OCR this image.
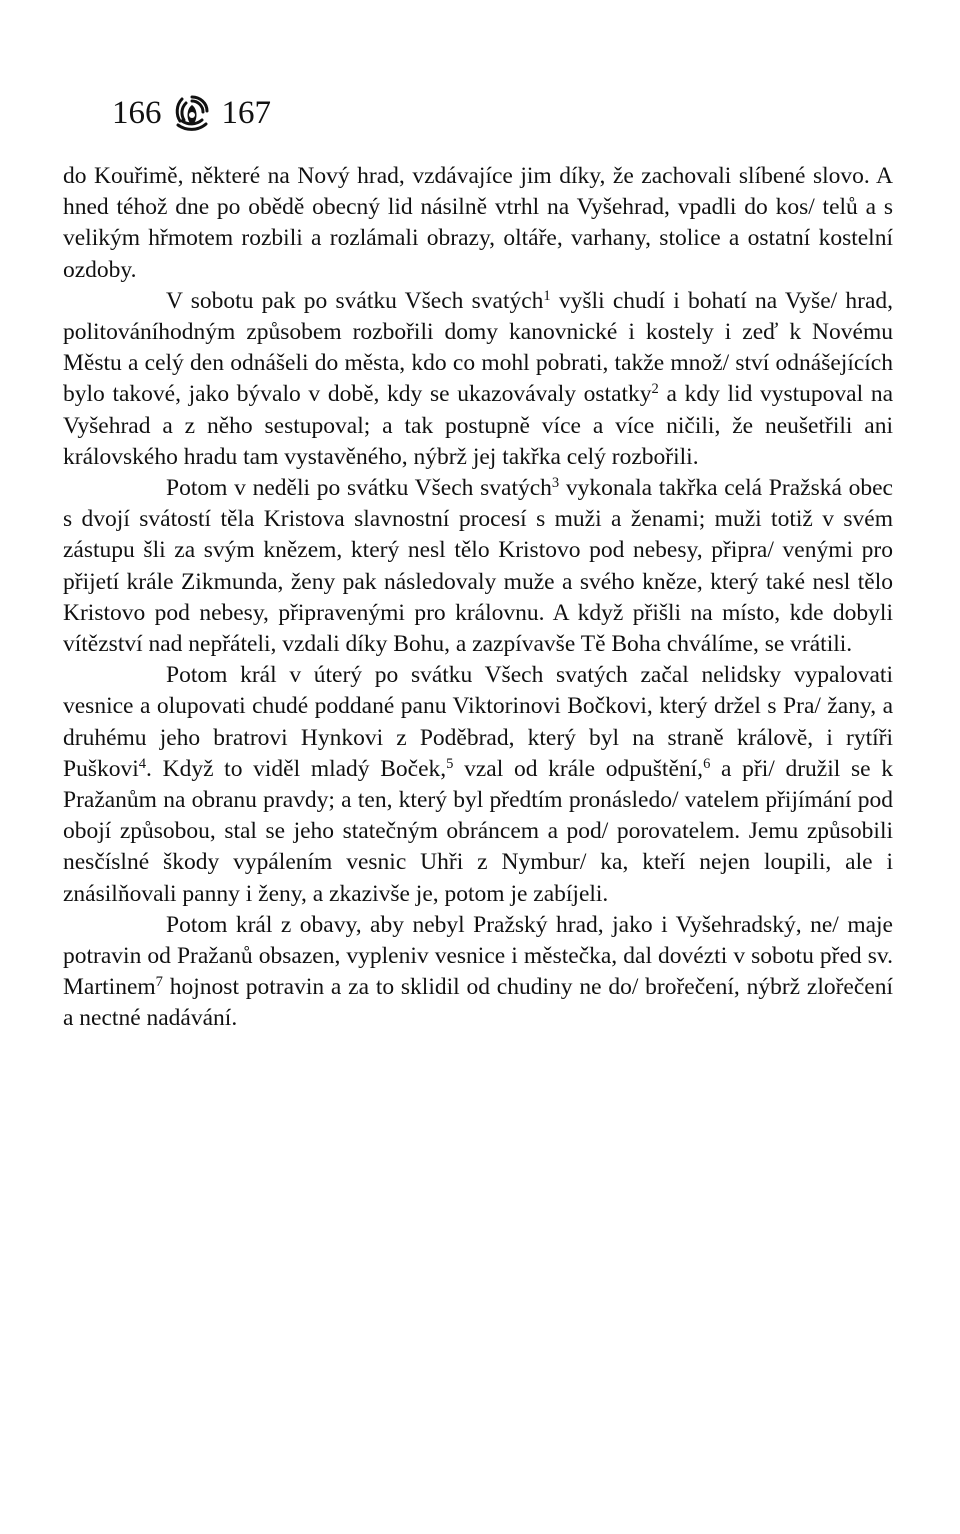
166 167

do Kouřimě, některé na Nový hrad, vzdávajíce jim díky, že zachovali slíbené slovo. A hned téhož dne po obědě obecný lid násilně vtrhl na Vyšehrad, vpadli do kos/ telů a s velikým hřmotem rozbili a rozlámali obrazy, oltáře, varhany, stolice a ostatní kostelní ozdoby.

V sobotu pak po svátku Všech svatých$^1$ vyšli chudí i bohatí na Vyše/ hrad, politováníhodným způsobem rozbořili domy kanovnické i kostely i zeď k Novému Městu a celý den odnášeli do města, kdo co mohl pobrati, takže množ/ ství odnášejících bylo takové, jako bývalo v době, kdy se ukazovávaly ostatky$^2$ a kdy lid vystupoval na Vyšehrad a z něho sestupoval; a tak postupně více a více ničili, že neušetřili ani královského hradu tam vystavěného, nýbrž jej takřka celý rozbořili.

Potom v neděli po svátku Všech svatých$^3$ vykonala takřka celá Pražská obec s dvojí svátostí těla Kristova slavnostní procesí s muži a ženami; muži totiž v svém zástupu šli za svým knězem, který nesl tělo Kristovo pod nebesy, připra/ venými pro přijetí krále Zikmunda, ženy pak následovaly muže a svého kněze, který také nesl tělo Kristovo pod nebesy, připravenými pro královnu. A když přišli na místo, kde dobyli vítězství nad nepřáteli, vzdali díky Bohu, a zazpívavše Tě Boha chválíme, se vrátili.

Potom král v úterý po svátku Všech svatých začal nelidsky vypalovati vesnice a olupovati chudé poddané panu Viktorinovi Bočkovi, který držel s Pra/ žany, a druhému jeho bratrovi Hynkovi z Poděbrad, který byl na straně královĕ, i rytíři Puškovi$^4$. Když to viděl mladý Boček,$^5$ vzal od krále odpuštění,$^6$ a při/ družil se k Pražanům na obranu pravdy; a ten, který byl předtím pronásledo/ vatelem přijímání pod obojí způsobou, stal se jeho statečným obráncem a pod/ porovatelem. Jemu způsobili nesčíslné škody vypálením vesnic Uhři z Nymbur/ ka, kteří nejen loupili, ale i znásilňovali panny i ženy, a zkazivše je, potom je zabíjeli.

Potom král z obavy, aby nebyl Pražský hrad, jako i Vyšehradský, ne/ maje potravin od Pražanů obsazen, vypleniv vesnice i městečka, dal dovézti v sobotu před sv. Martinem$^7$ hojnost potravin a za to sklidil od chudiny ne do/ brořečení, nýbrž zlořečení a nectné nadávání.
